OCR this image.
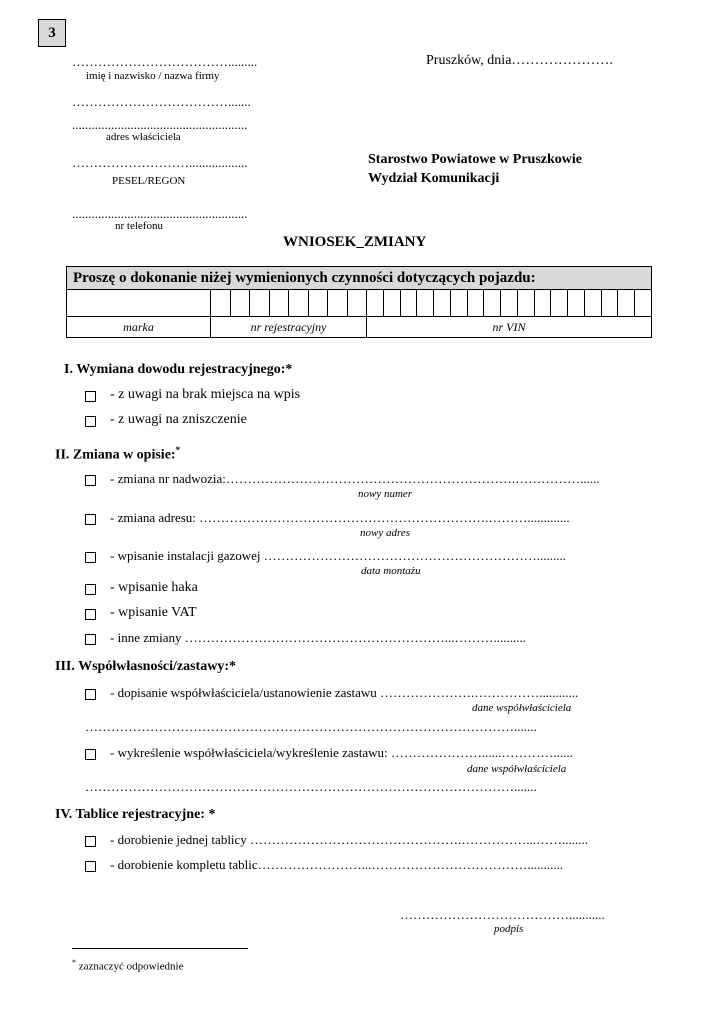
3
……………………………….........
imię i nazwisko / nazwa firmy
……………………………….......
......................................................
adres właściciela
………………………..................
PESEL/REGON
......................................................
nr telefonu
Pruszków, dnia………………….
Starostwo Powiatowe w Pruszkowie
Wydział Komunikacji
WNIOSEK_ZMIANY
Proszę o dokonanie niżej wymienionych czynności dotyczących pojazdu:		

marka	nr rejestracyjny	nr VIN
I. Wymiana dowodu rejestracyjnego:*
- z uwagi na brak miejsca na wpis
- z uwagi na zniszczenie
II. Zmiana w opisie:*
- zmiana nr nadwozia:………………………………………………………….……………......
nowy numer
- zmiana adresu: ………………………………………………………….……….............
nowy adres
- wpisanie instalacji gazowej ……………………………………………………….........
data montażu
- wpisanie haka
- wpisanie VAT
- inne zmiany ……………………………………………………...………..........
III. Współwłasności/zastawy:*
- dopisanie współwłaściciela/ustanowienie zastawu ………………….……………............
dane współwłaściciela
……………………………………………………………………………………….......
- wykreślenie współwłaściciela/wykreślenie zastawu: …………………......…………......
dane współwłaściciela
……………………………………………………………………………………….......
IV. Tablice rejestracyjne: *
- dorobienie jednej tablicy ………………………………………….……………...……........
- dorobienie kompletu tablic……………………...………………………………...........
…………………………………...........
podpis
* zaznaczyć odpowiednie
